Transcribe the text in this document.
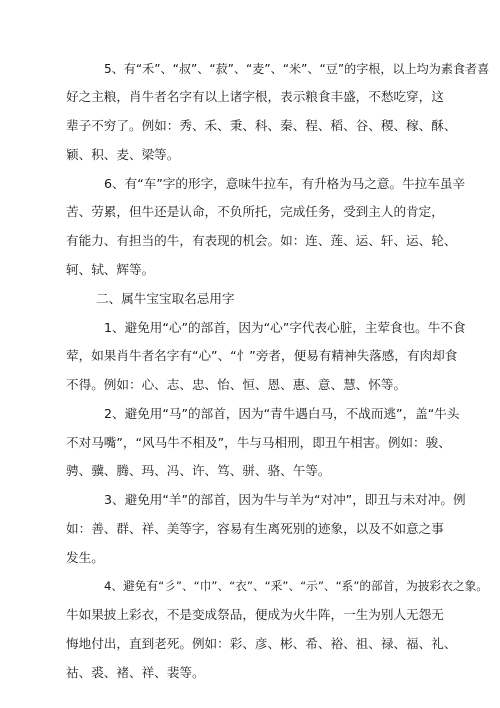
5、有“禾”、“叔”、“菽”、“麦”、“米”、“豆”的字根，以上均为素食者喜
好之主粮，肖牛者名字有以上诸字根，表示粮食丰盛，不愁吃穿，这
辈子不穷了。例如：秀、禾、秉、科、秦、程、稻、谷、稷、稼、酥、
颖、积、麦、梁等。
6、有“车”字的形字，意味牛拉车，有升格为马之意。牛拉车虽辛
苦、劳累，但牛还是认命，不负所托，完成任务，受到主人的肯定，
有能力、有担当的牛，有表现的机会。如：连、莲、运、轩、运、轮、
轲、轼、辉等。
二、属牛宝宝取名忌用字
1、避免用“心”的部首，因为“心”字代表心脏，主荤食也。牛不食
荤，如果肖牛者名字有“心”、“忄”旁者，便易有精神失落感，有肉却食
不得。例如：心、志、忠、怡、恒、恩、惠、意、慧、怀等。
2、避免用“马”的部首，因为“青牛遇白马，不战而逃”，盖“牛头
不对马嘴”，“风马牛不相及”，牛与马相刑，即丑午相害。例如：骏、
骋、骥、腾、玛、冯、许、笃、骈、骆、午等。
3、避免用“羊”的部首，因为牛与羊为“对冲”，即丑与未对冲。例
如：善、群、祥、美等字，容易有生离死别的迹象，以及不如意之事
发生。
4、避免有“彡”、“巾”、“衣”、“釆”、“示”、“系”的部首，为披彩衣之象。
牛如果披上彩衣，不是变成祭品，便成为火牛阵，一生为别人无怨无
悔地付出，直到老死。例如：彩、彦、彬、希、裕、祖、禄、福、礼、
祜、裘、褚、祥、裴等。
